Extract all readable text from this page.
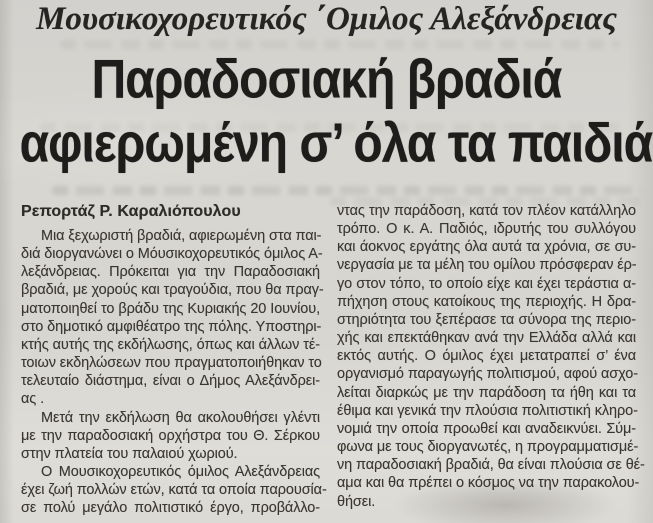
Μουσικοχορευτικός ΄Ομιλος Αλεξάνδρειας
Παραδοσιακή βραδιά
αφιερωμένη σ’ όλα τα παιδιά
Ρεπορτάζ Ρ. Καραλιόπουλου
Μια ξεχωριστή βραδιά, αφιερωμένη στα παι-
διά διοργανώνει ο Μόυσικοχορευτικός όμιλος Α-
λεξάνδρειας. Πρόκειται για την Παραδοσιακή
βραδιά, με χορούς και τραγούδια, που θα πραγ-
ματοποιηθεί το βράδυ της Κυριακής 20 Ιουνίου,
στο δημοτικό αμφιθέατρο της πόλης. Υποστηρι-
κτής αυτής της εκδήλωσης, όπως και άλλων τέ-
τοιων εκδηλώσεων που πραγματοποιήθηκαν το
τελευταίο διάστημα, είναι ο Δήμος Αλεξάνδρει-
ας .
Μετά την εκδήλωση θα ακολουθήσει γλέντι
με την παραδοσιακή ορχήστρα του Θ. Σέρκου
στην πλατεία του παλαιού χωριού.
Ο Μουσικοχορευτικός όμιλος Αλεξάνδρειας
έχει ζωή πολλών ετών, κατά τα οποία παρουσία-
σε πολύ μεγάλο πολιτιστικό έργο, προβάλλο-
ντας την παράδοση, κατά τον πλέον κατάλληλο
τρόπο. Ο κ. Α. Παδιός, ιδρυτής του συλλόγου
και άοκνος εργάτης όλα αυτά τα χρόνια, σε συ-
νεργασία με τα μέλη του ομίλου πρόσφεραν έρ-
γο στον τόπο, το οποίο είχε και έχει τεράστια α-
πήχηση στους κατοίκους της περιοχής. Η δρα-
στηριότητα του ξεπέρασε τα σύνορα της περιο-
χής και επεκτάθηκαν ανά την Ελλάδα αλλά και
εκτός αυτής. Ο όμιλος έχει μετατραπεί σ’ ένα
οργανισμό παραγωγής πολιτισμού, αφού ασχο-
λείται διαρκώς με την παράδοση τα ήθη και τα
έθιμα και γενικά την πλούσια πολιτιστική κληρο-
νομιά την οποία προωθεί και αναδεικνύει. Σύμ-
φωνα με τους διοργανωτές, η προγραμματισμέ-
νη παραδοσιακή βραδιά, θα είναι πλούσια σε θέ-
αμα και θα πρέπει ο κόσμος να την παρακολου-
θήσει.
